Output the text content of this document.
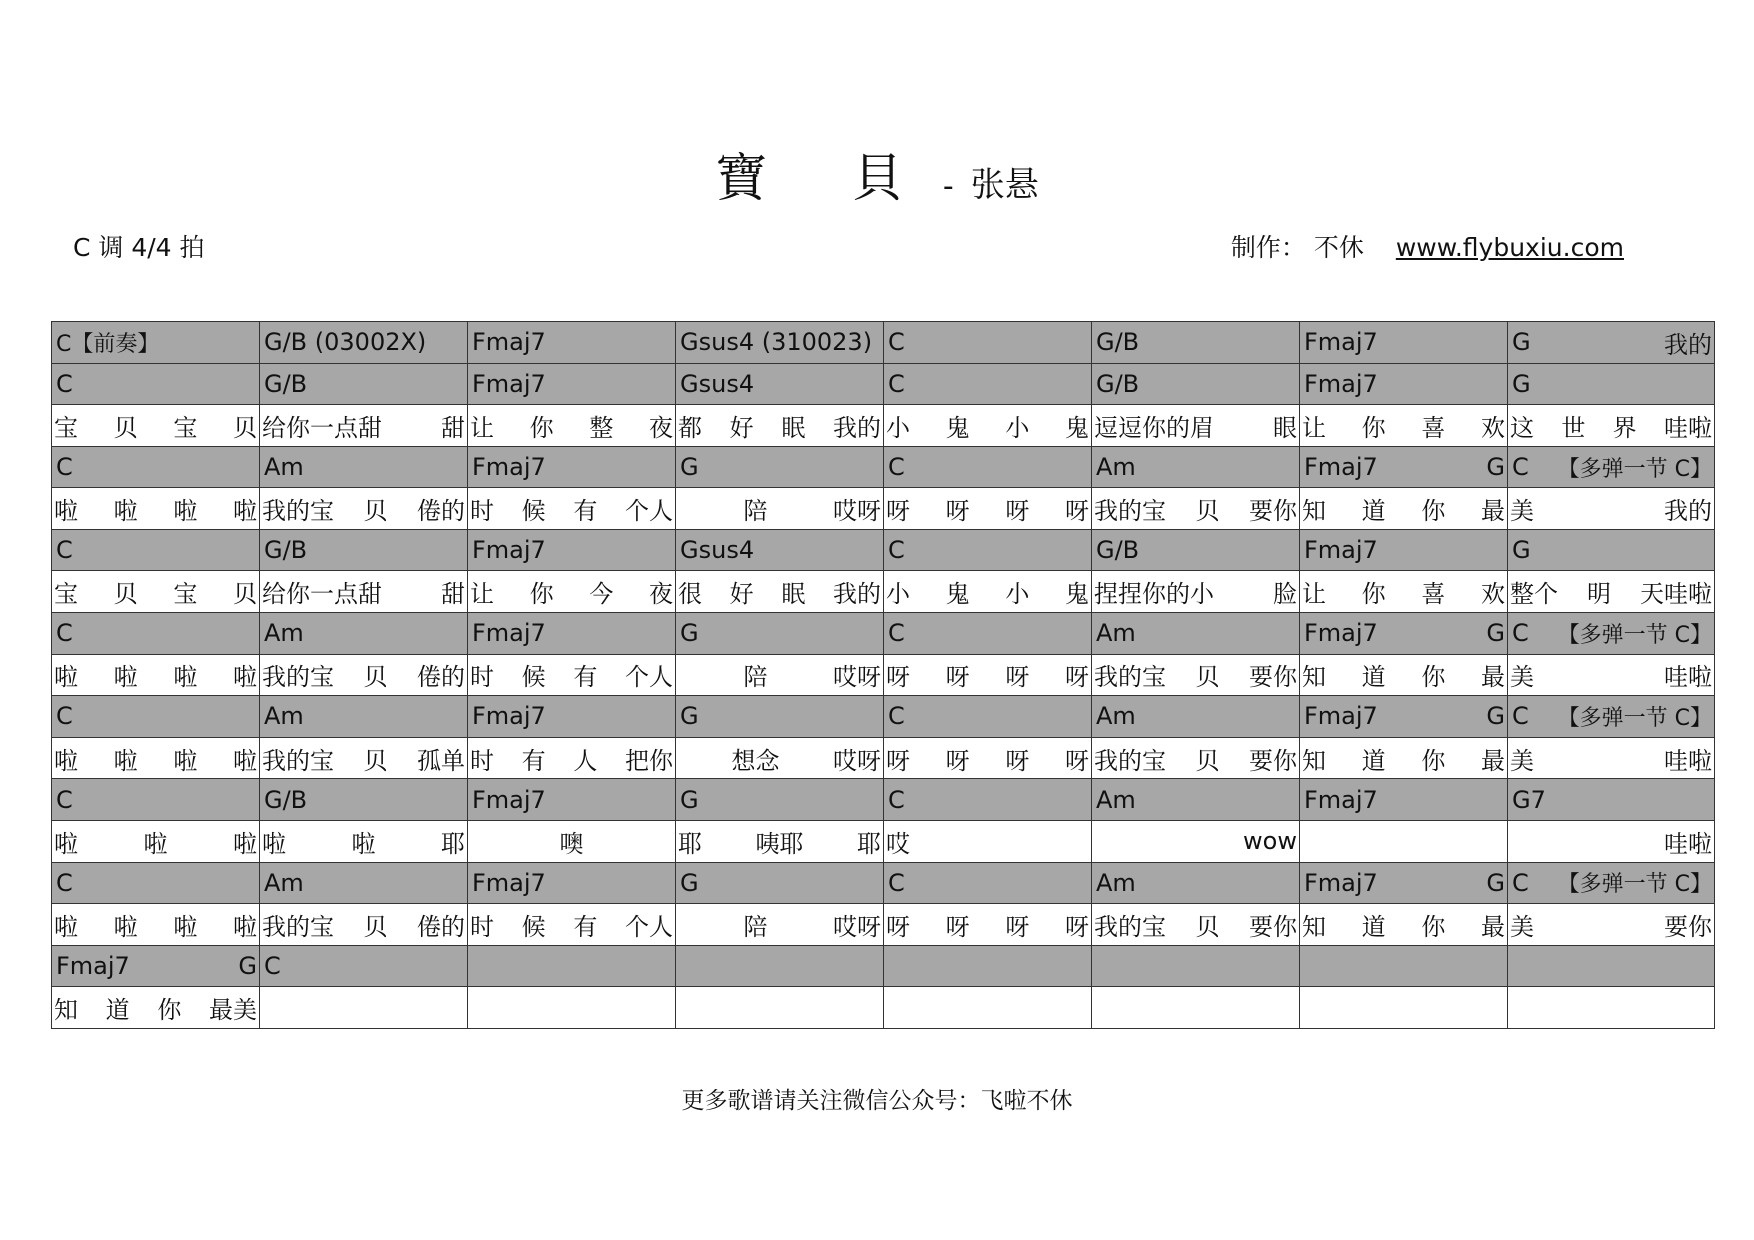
寶 貝 - 张悬
C 调 4/4 拍	制作： 不休 www.flybuxiu.com
C【前奏】	G/B (03002X)	Fmaj7	Gsus4 (310023)	C	G/B	Fmaj7	G 我的

C	G/B	Fmaj7	Gsus4	C	G/B	Fmaj7	G

宝 贝 宝 贝	给你一点甜 甜	让 你 整 夜	都 好 眠 我的	小 鬼 小 鬼	逗逗你的眉 眼	让 你 喜 欢	这 世 界 哇啦

C	Am	Fmaj7	G	C	Am	Fmaj7 G	C 【多弹一节 C】

啦 啦 啦 啦	我的宝 贝 倦的	时 候 有 个人	陪 哎呀	呀 呀 呀 呀	我的宝 贝 要你	知 道 你 最	美 我的

C	G/B	Fmaj7	Gsus4	C	G/B	Fmaj7	G

宝 贝 宝 贝	给你一点甜 甜	让 你 今 夜	很 好 眠 我的	小 鬼 小 鬼	捏捏你的小 脸	让 你 喜 欢	整个 明 天哇啦

C	Am	Fmaj7	G	C	Am	Fmaj7 G	C 【多弹一节 C】

啦 啦 啦 啦	我的宝 贝 倦的	时 候 有 个人	陪 哎呀	呀 呀 呀 呀	我的宝 贝 要你	知 道 你 最	美 哇啦

C	Am	Fmaj7	G	C	Am	Fmaj7 G	C 【多弹一节 C】

啦 啦 啦 啦	我的宝 贝 孤单	时 有 人 把你	想念 哎呀	呀 呀 呀 呀	我的宝 贝 要你	知 道 你 最	美 哇啦

C	G/B	Fmaj7	G	C	Am	Fmaj7	G7

啦 啦 啦	啦 啦 耶	噢	耶 咦耶 耶	哎	wow		哇啦

C	Am	Fmaj7	G	C	Am	Fmaj7 G	C 【多弹一节 C】

啦 啦 啦 啦	我的宝 贝 倦的	时 候 有 个人	陪 哎呀	呀 呀 呀 呀	我的宝 贝 要你	知 道 你 最	美 要你

Fmaj7 G	C						

知 道 你 最美							

更多歌谱请关注微信公众号：飞啦不休
